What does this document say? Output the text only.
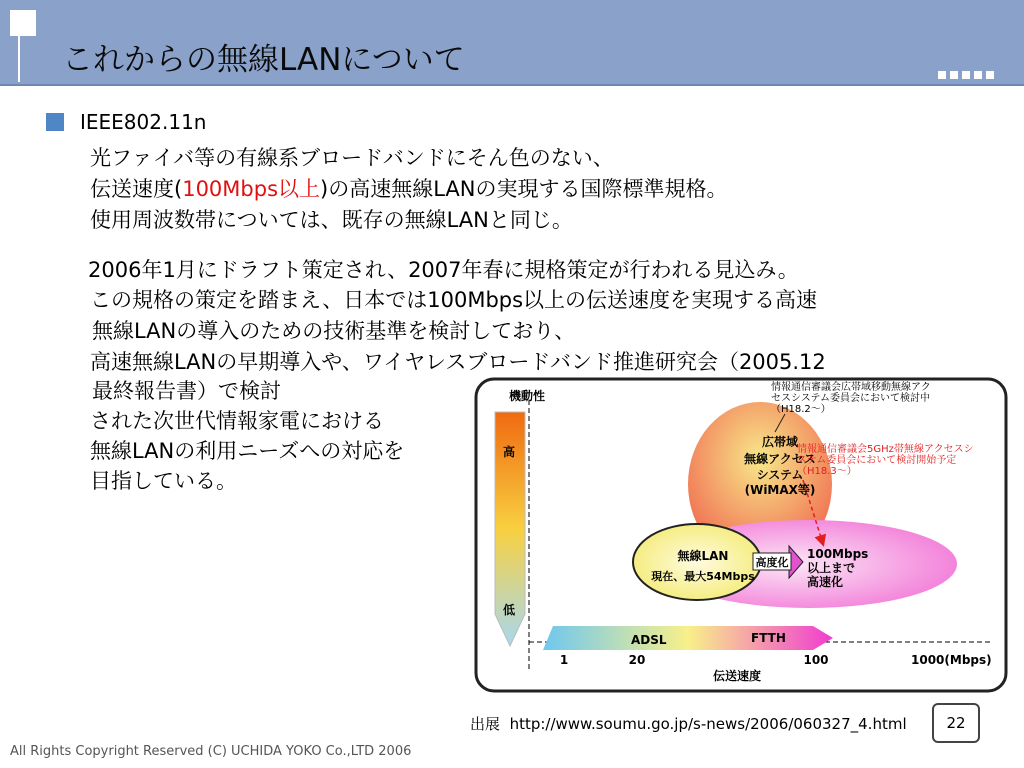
これからの無線LANについて
IEEE802.11n
光ファイバ等の有線系ブロードバンドにそん色のない、
伝送速度(100Mbps以上)の高速無線LANの実現する国際標準規格。
使用周波数帯については、既存の無線LANと同じ。
2006年1月にドラフト策定され、2007年春に規格策定が行われる見込み。
この規格の策定を踏まえ、日本では100Mbps以上の伝送速度を実現する高速
無線LANの導入のための技術基準を検討しており、
高速無線LANの早期導入や、ワイヤレスブロードバンド推進研究会（2005.12
最終報告書）で検討
された次世代情報家電における
無線LANの利用ニーズへの対応を
目指している。
機動性
高
低
ADSL	FTTH
広帯域
無線アクセス
システム
(WiMAX等)
無線LAN
現在、最大54Mbps
高度化
100Mbps
以上まで
高速化
情報通信審議会広帯域移動無線アク
セスシステム委員会において検討中
（H18.2～）
情報通信審議会5GHz帯無線アクセスシ
ステム委員会において検討開始予定
（H18.3～）
1	20	100	1000(Mbps)
伝送速度
出展 http://www.soumu.go.jp/s-news/2006/060327_4.html	22
All Rights Copyright Reserved (C) UCHIDA YOKO Co.,LTD 2006
